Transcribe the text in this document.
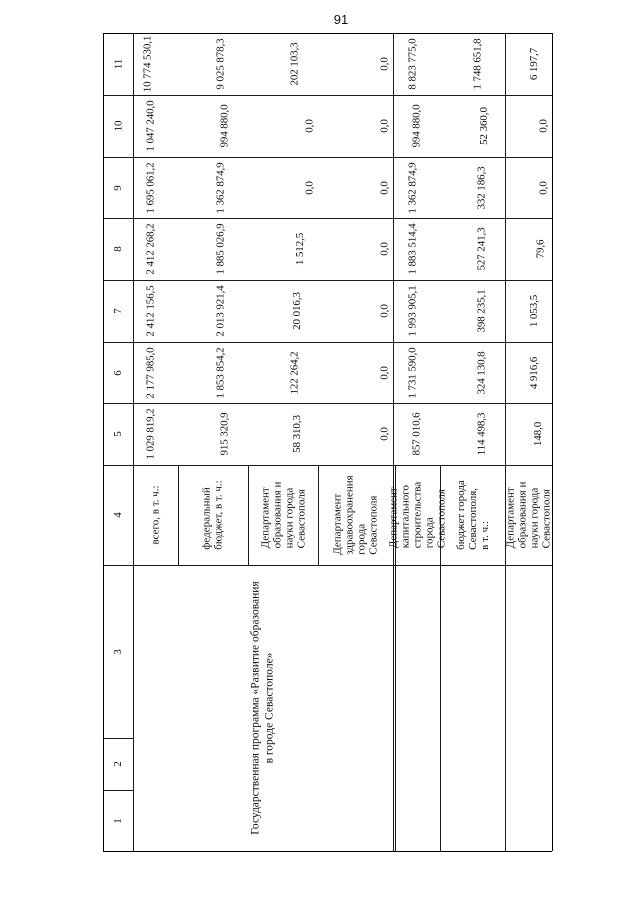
91
11
10
9
8
7
6
5
4
3
2
1	Государственная программа «Развитие образования
в городе Севастополе»
всего, в т. ч.:
1 029 819,2
2 177 985,0
2 412 156,5
2 412 268,2
1 695 061,2
1 047 240,0
10 774 530,1
федеральный
бюджет, в т. ч.:
915 320,9
1 853 854,2
2 013 921,4
1 885 026,9
1 362 874,9
994 880,0
9 025 878,3
Департамент
образования и
науки города
Севастополя
58 310,3
122 264,2
20 016,3
1 512,5
0,0
0,0
202 103,3
Департамент
здравоохранения
города
Севастополя
0,0
0,0
0,0
0,0
0,0
0,0
0,0
Департамент
капитального
строительства
города
Севастополя
857 010,6
1 731 590,0
1 993 905,1
1 883 514,4
1 362 874,9
994 880,0
8 823 775,0
бюджет города
Севастополя,
в т. ч.:
114 498,3
324 130,8
398 235,1
527 241,3
332 186,3
52 360,0
1 748 651,8
Департамент
образования и
науки города
Севастополя
148,0
4 916,6
1 053,5
79,6
0,0
0,0
6 197,7
